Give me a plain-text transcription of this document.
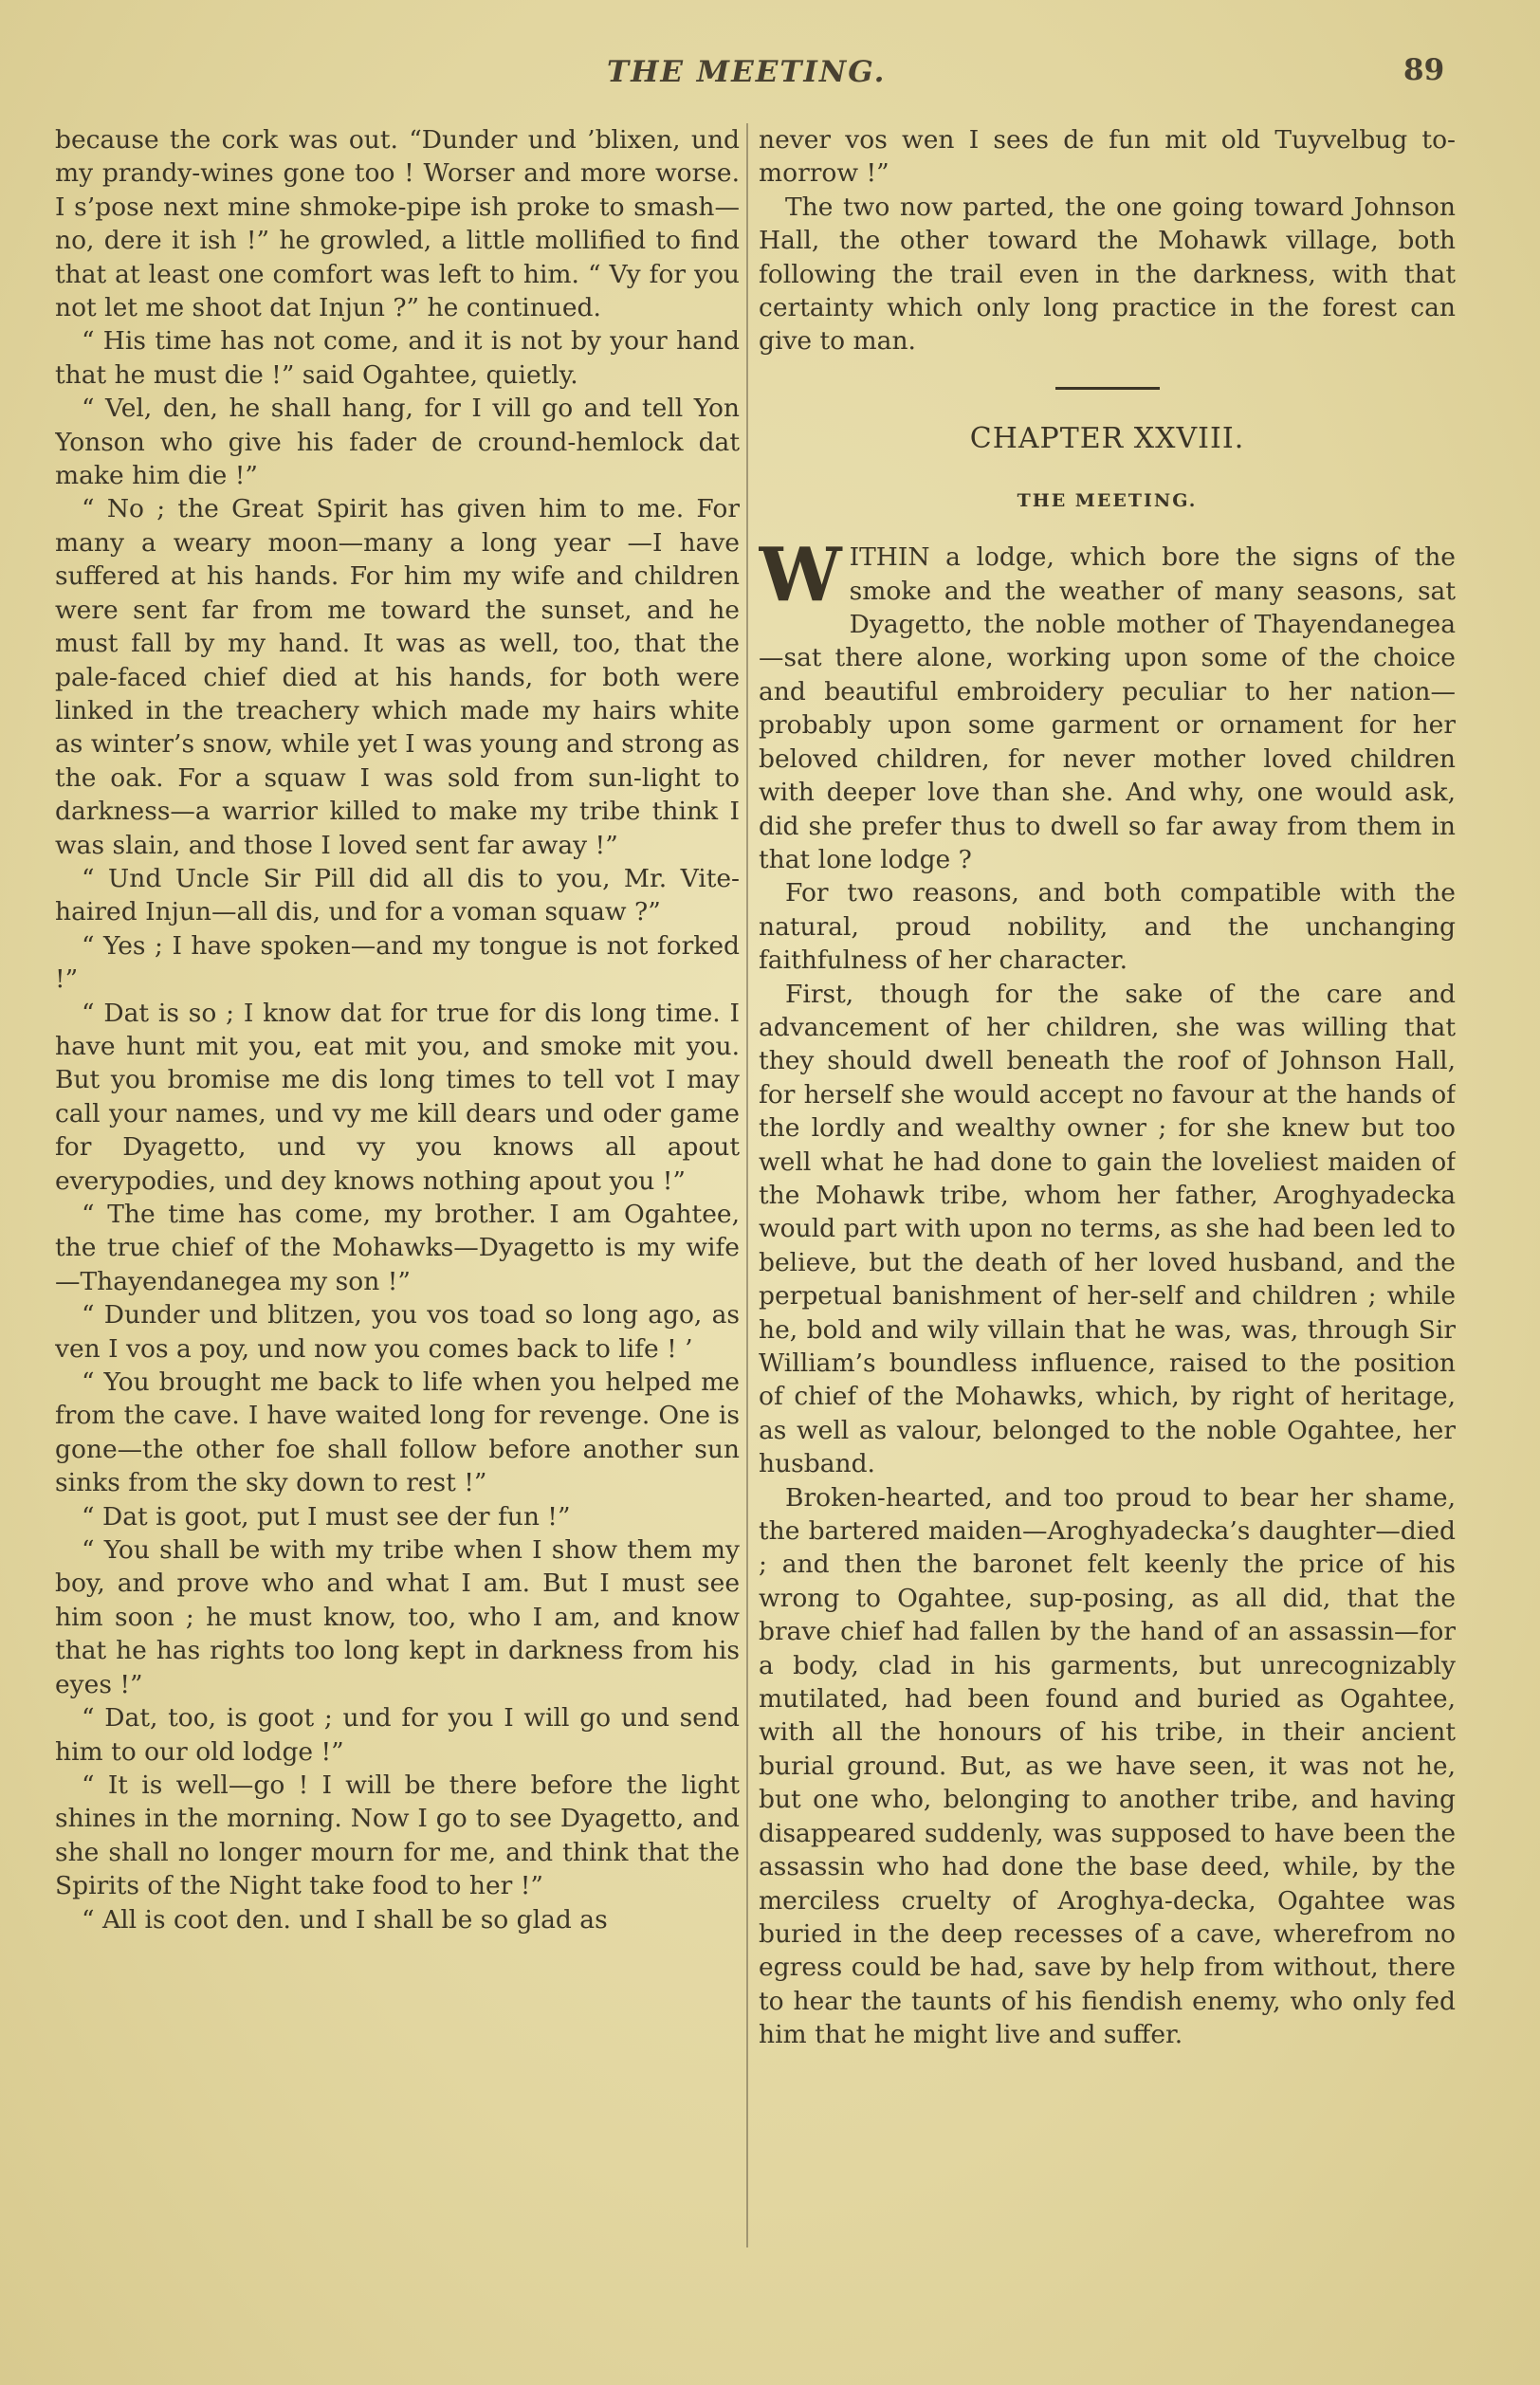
THE MEETING.	89

because the cork was out. “Dunder und ’blixen, und my prandy-wines gone too ! Worser and more worse. I s’pose next mine shmoke-pipe ish proke to smash—no, dere it ish !” he growled, a little mollified to find that at least one comfort was left to him. “ Vy for you not let me shoot dat Injun ?” he continued.

“ His time has not come, and it is not by your hand that he must die !” said Ogahtee, quietly.

“ Vel, den, he shall hang, for I vill go and tell Yon Yonson who give his fader de cround-hemlock dat make him die !”

“ No ; the Great Spirit has given him to me. For many a weary moon—many a long year —I have suffered at his hands. For him my wife and children were sent far from me toward the sunset, and he must fall by my hand. It was as well, too, that the pale-faced chief died at his hands, for both were linked in the treachery which made my hairs white as winter’s snow, while yet I was young and strong as the oak. For a squaw I was sold from sun-light to darkness—a warrior killed to make my tribe think I was slain, and those I loved sent far away !”

“ Und Uncle Sir Pill did all dis to you, Mr. Vite-haired Injun—all dis, und for a voman squaw ?”

“ Yes ; I have spoken—and my tongue is not forked !”

“ Dat is so ; I know dat for true for dis long time. I have hunt mit you, eat mit you, and smoke mit you. But you bromise me dis long times to tell vot I may call your names, und vy me kill dears und oder game for Dyagetto, und vy you knows all apout everypodies, und dey knows nothing apout you !”

“ The time has come, my brother. I am Ogahtee, the true chief of the Mohawks—Dyagetto is my wife—Thayendanegea my son !”

“ Dunder und blitzen, you vos toad so long ago, as ven I vos a poy, und now you comes back to life ! ’

“ You brought me back to life when you helped me from the cave. I have waited long for revenge. One is gone—the other foe shall follow before another sun sinks from the sky down to rest !”

“ Dat is goot, put I must see der fun !”

“ You shall be with my tribe when I show them my boy, and prove who and what I am. But I must see him soon ; he must know, too, who I am, and know that he has rights too long kept in darkness from his eyes !”

“ Dat, too, is goot ; und for you I will go und send him to our old lodge !”

“ It is well—go ! I will be there before the light shines in the morning. Now I go to see Dyagetto, and she shall no longer mourn for me, and think that the Spirits of the Night take food to her !”

“ All is coot den. und I shall be so glad as

never vos wen I sees de fun mit old Tuyvelbug to-morrow !”

The two now parted, the one going toward Johnson Hall, the other toward the Mohawk village, both following the trail even in the darkness, with that certainty which only long practice in the forest can give to man.

CHAPTER XXVIII.
THE MEETING.

WITHIN a lodge, which bore the signs of the smoke and the weather of many seasons, sat Dyagetto, the noble mother of Thayendanegea—sat there alone, working upon some of the choice and beautiful embroidery peculiar to her nation—probably upon some garment or ornament for her beloved children, for never mother loved children with deeper love than she. And why, one would ask, did she prefer thus to dwell so far away from them in that lone lodge ?

For two reasons, and both compatible with the natural, proud nobility, and the unchanging faithfulness of her character.

First, though for the sake of the care and advancement of her children, she was willing that they should dwell beneath the roof of Johnson Hall, for herself she would accept no favour at the hands of the lordly and wealthy owner ; for she knew but too well what he had done to gain the loveliest maiden of the Mohawk tribe, whom her father, Aroghyadecka would part with upon no terms, as she had been led to believe, but the death of her loved husband, and the perpetual banishment of her-self and children ; while he, bold and wily villain that he was, was, through Sir William’s boundless influence, raised to the position of chief of the Mohawks, which, by right of heritage, as well as valour, belonged to the noble Ogahtee, her husband.

Broken-hearted, and too proud to bear her shame, the bartered maiden—Aroghyadecka’s daughter—died ; and then the baronet felt keenly the price of his wrong to Ogahtee, sup-posing, as all did, that the brave chief had fallen by the hand of an assassin—for a body, clad in his garments, but unrecognizably mutilated, had been found and buried as Ogahtee, with all the honours of his tribe, in their ancient burial ground. But, as we have seen, it was not he, but one who, belonging to another tribe, and having disappeared suddenly, was supposed to have been the assassin who had done the base deed, while, by the merciless cruelty of Aroghya-decka, Ogahtee was buried in the deep recesses of a cave, wherefrom no egress could be had, save by help from without, there to hear the taunts of his fiendish enemy, who only fed him that he might live and suffer.
